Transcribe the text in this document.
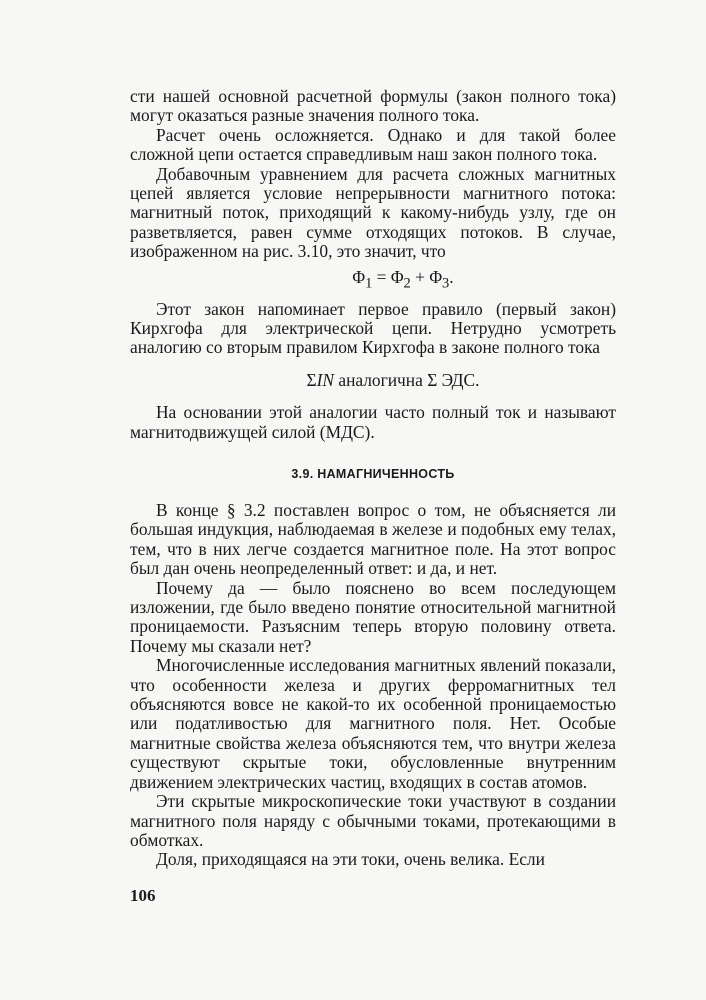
сти нашей основной расчетной формулы (закон полного тока) могут оказаться разные значения полного тока.

Расчет очень осложняется. Однако и для такой более сложной цепи остается справедливым наш закон полного тока.

Добавочным уравнением для расчета сложных магнитных цепей является условие непрерывности магнитного потока: магнитный поток, приходящий к какому-нибудь узлу, где он разветвляется, равен сумме отходящих потоков. В случае, изображенном на рис. 3.10, это значит, что

$\Phi_1 = \Phi_2 + \Phi_3$.

Этот закон напоминает первое правило (первый закон) Кирхгофа для электрической цепи. Нетрудно усмотреть аналогию со вторым правилом Кирхгофа в законе полного тока

ΣIN аналогична Σ ЭДС.

На основании этой аналогии часто полный ток и называют магнитодвижущей силой (МДС).

3.9. НАМАГНИЧЕННОСТЬ

В конце § 3.2 поставлен вопрос о том, не объясняется ли большая индукция, наблюдаемая в железе и подобных ему телах, тем, что в них легче создается магнитное поле. На этот вопрос был дан очень неопределенный ответ: и да, и нет.

Почему да — было пояснено во всем последующем изложении, где было введено понятие относительной магнитной проницаемости. Разъясним теперь вторую половину ответа. Почему мы сказали нет?

Многочисленные исследования магнитных явлений показали, что особенности железа и других ферромагнитных тел объясняются вовсе не какой-то их особенной проницаемостью или податливостью для магнитного поля. Нет. Особые магнитные свойства железа объясняются тем, что внутри железа существуют скрытые токи, обусловленные внутренним движением электрических частиц, входящих в состав атомов.

Эти скрытые микроскопические токи участвуют в создании магнитного поля наряду с обычными токами, протекающими в обмотках.

Доля, приходящаяся на эти токи, очень велика. Если

106
